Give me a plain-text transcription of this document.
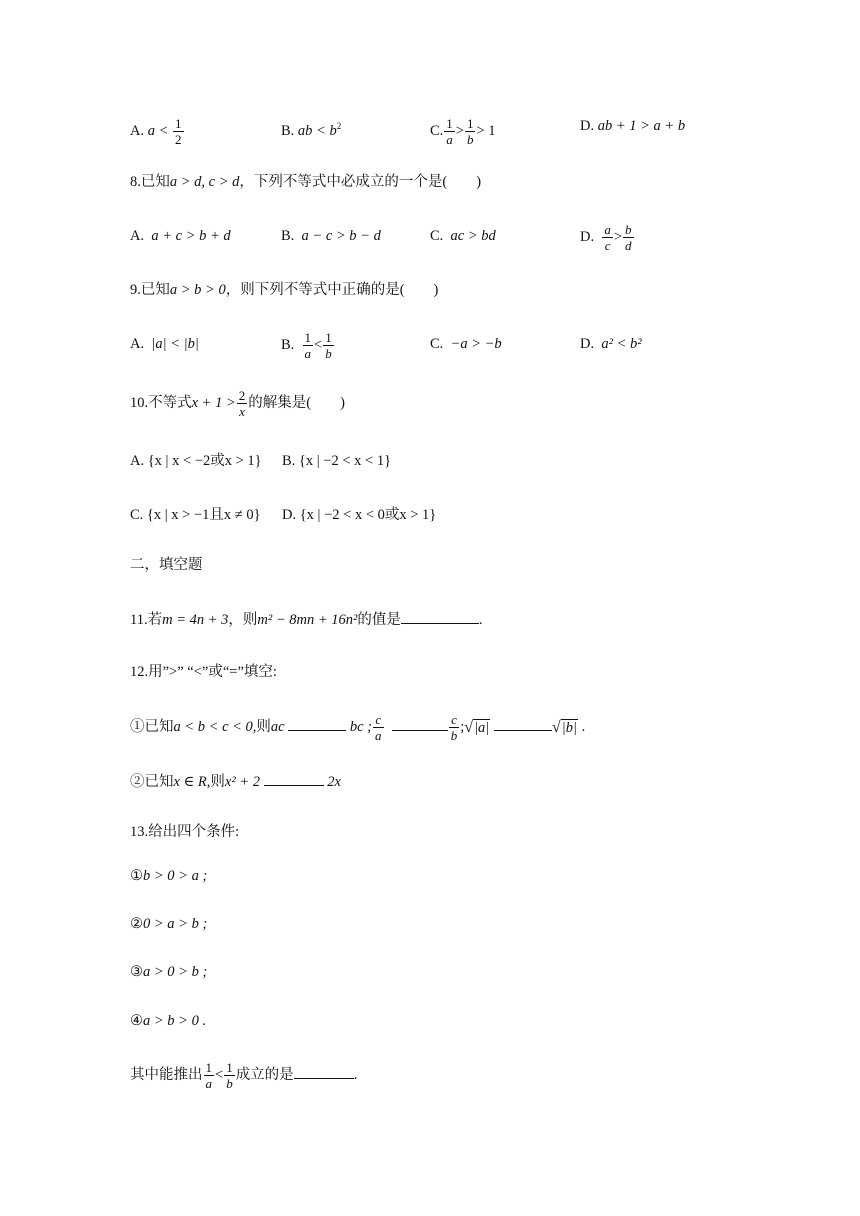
A. $a < \frac{1}{2}$	B. ab < $b^2$	C. $\frac{1}{a} > \frac{1}{b} > 1$	D. ab + 1 > a + b
8.已知a > d, c > d，下列不等式中必成立的一个是(　　)
A. a + c > b + d	B. a − c > b − d	C. ac > bd	D. $\frac{a}{c} > \frac{b}{d}$
9.已知a > b > 0，则下列不等式中正确的是(　　)
A. |a| < |b|	B. $\frac{1}{a} < \frac{1}{b}$	C. −a > −b	D. a² < b²
10.不等式$x + 1 > \frac{2}{x}$ 的解集是(　　)
A. {x | x < −2或x > 1} B. {x | −2 < x < 1}
C. {x | x > −1且x ≠ 0} D. {x | −2 < x < 0或x > 1}
二，填空题
11.若m = 4n + 3，则m² − 8mn + 16n²的值是	.
12.用”>” “<”或“=”填空:
①已知a < b < c < 0,则ac	bc ; $\frac{c}{a}$
	$\frac{c}{b}$ ;√|a|	√|b| .
②已知x ∈ R,则x² + 2	2x
13.给出四个条件:
①b > 0 > a ;
②0 > a > b ;
③a > 0 > b ;
④a > b > 0 .
其中能推出 $\frac{1}{a} < \frac{1}{b}$ 成立的是	.
